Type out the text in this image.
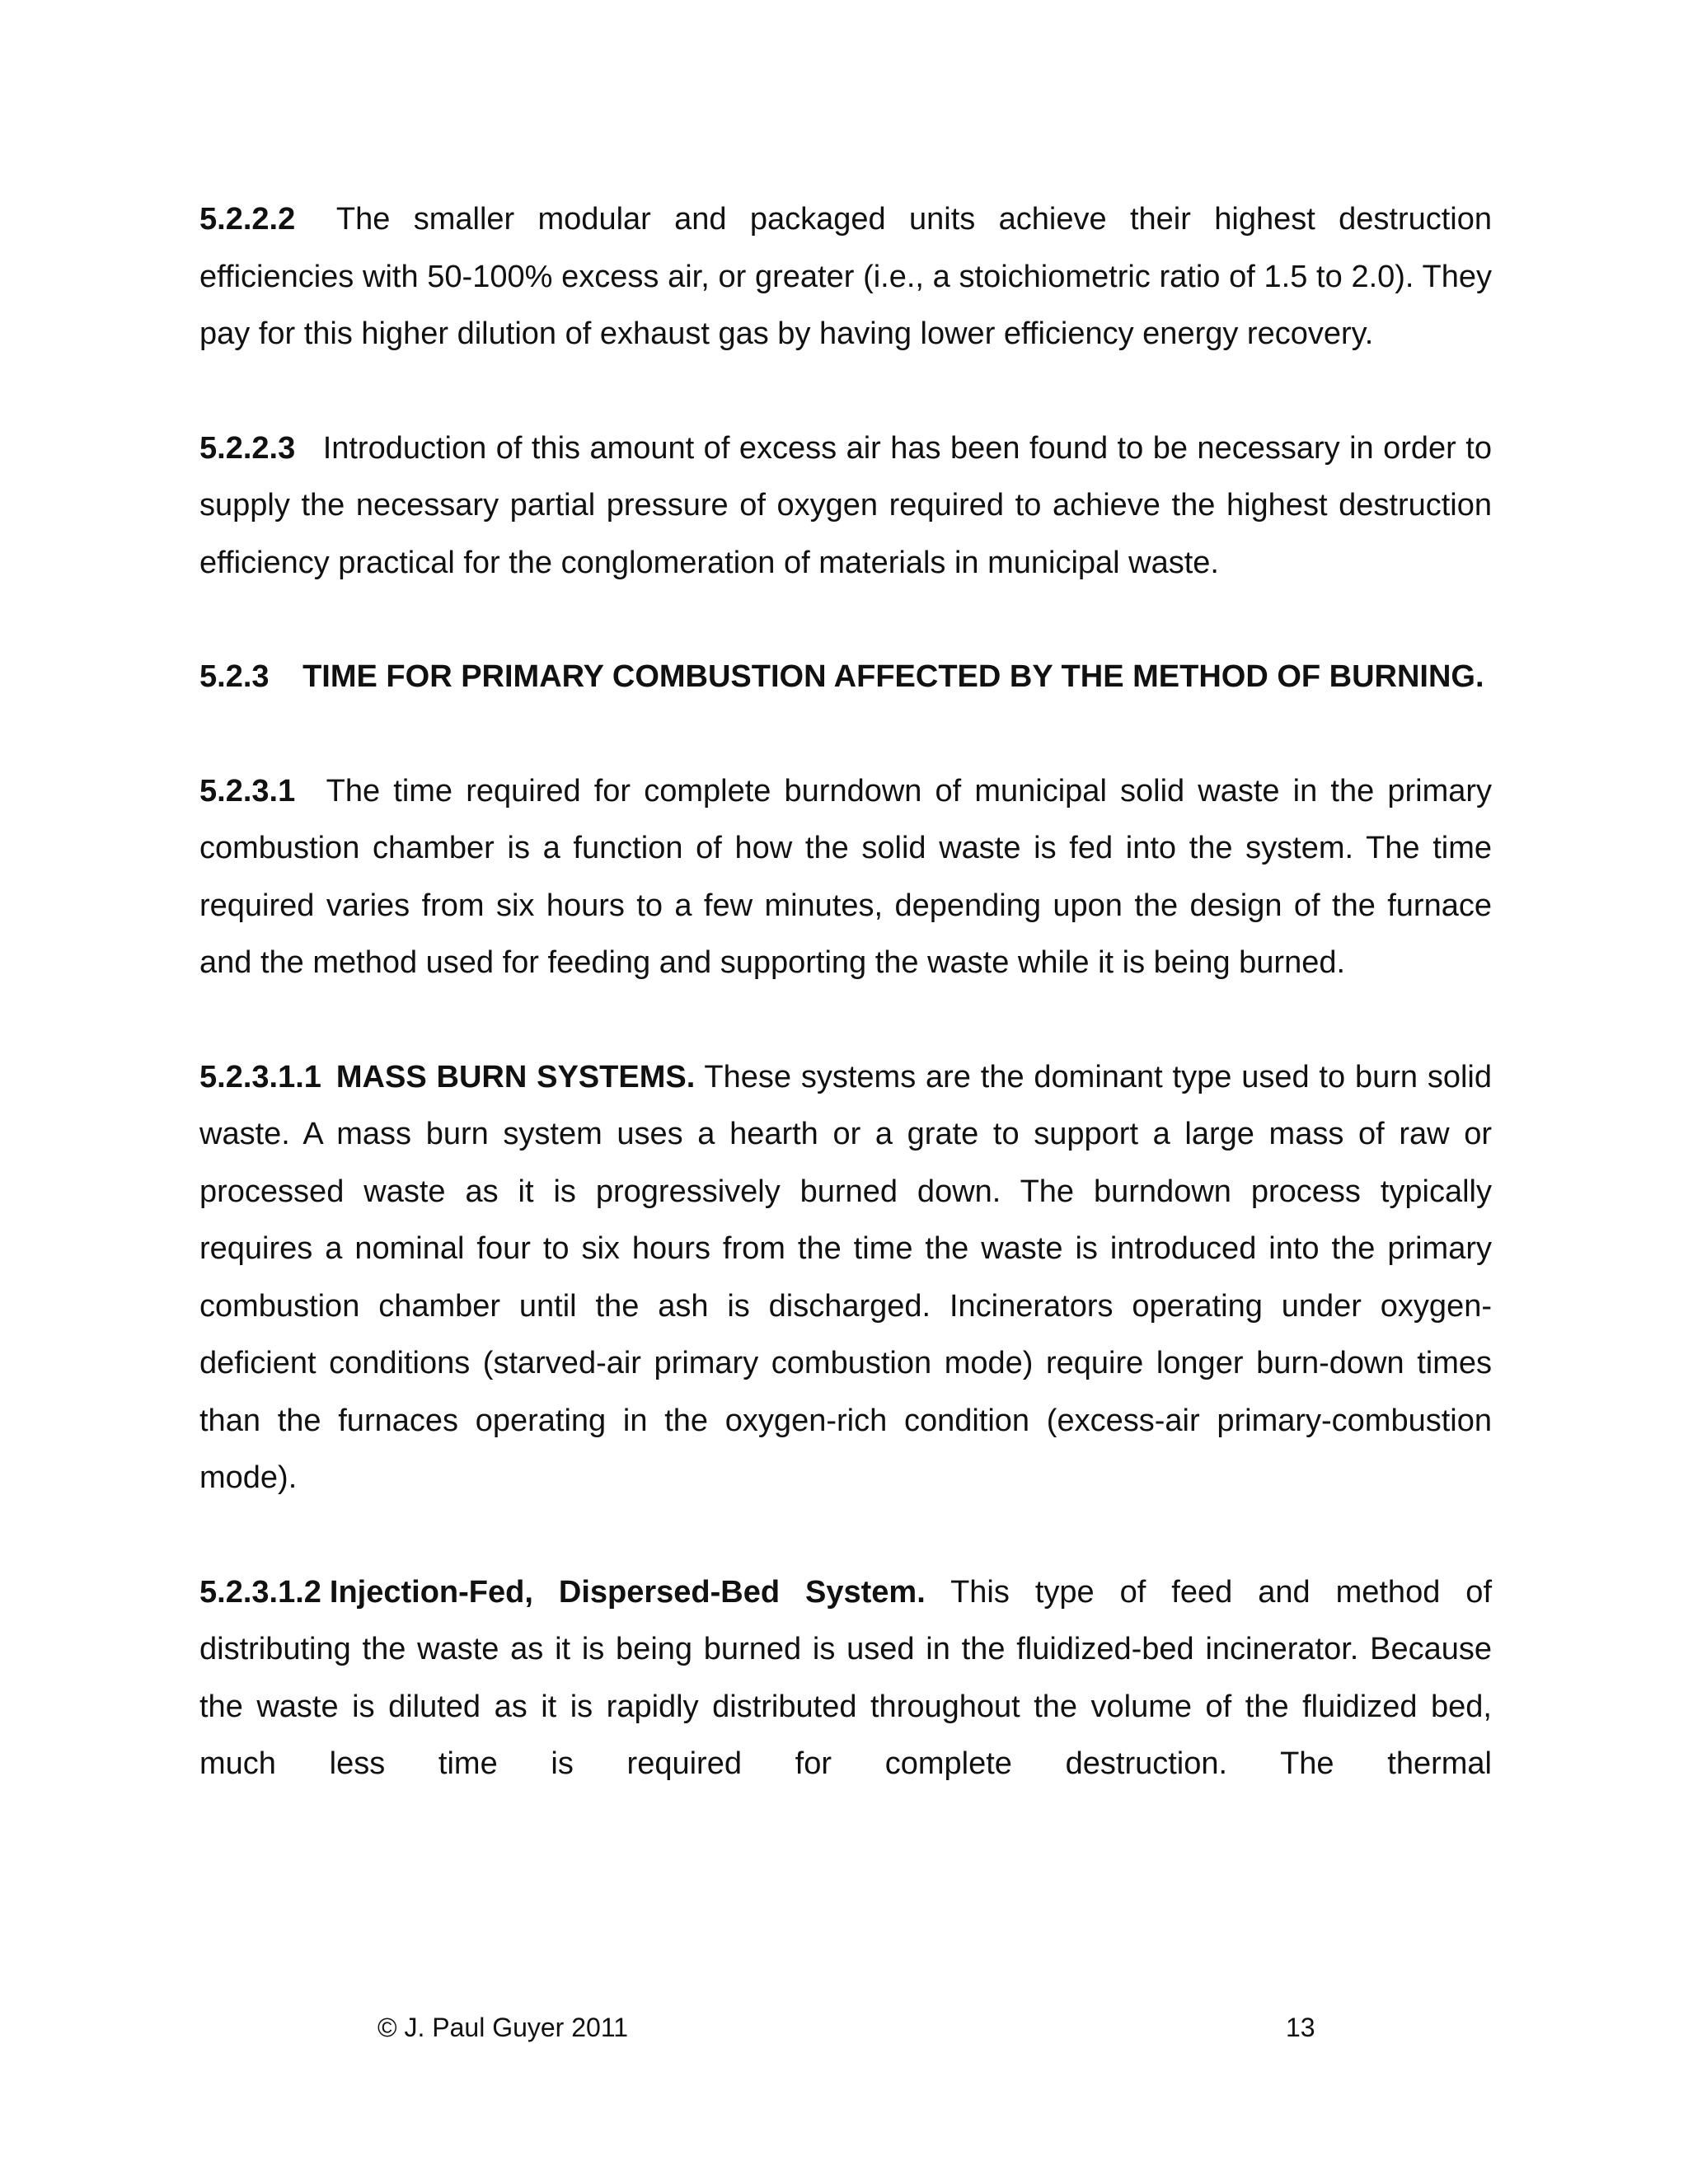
5.2.2.2 The smaller modular and packaged units achieve their highest destruction efficiencies with 50-100% excess air, or greater (i.e., a stoichiometric ratio of 1.5 to 2.0). They pay for this higher dilution of exhaust gas by having lower efficiency energy recovery.

5.2.2.3 Introduction of this amount of excess air has been found to be necessary in order to supply the necessary partial pressure of oxygen required to achieve the highest destruction efficiency practical for the conglomeration of materials in municipal waste.

5.2.3 TIME FOR PRIMARY COMBUSTION AFFECTED BY THE METHOD OF BURNING.

5.2.3.1 The time required for complete burndown of municipal solid waste in the primary combustion chamber is a function of how the solid waste is fed into the system. The time required varies from six hours to a few minutes, depending upon the design of the furnace and the method used for feeding and supporting the waste while it is being burned.

5.2.3.1.1 MASS BURN SYSTEMS. These systems are the dominant type used to burn solid waste. A mass burn system uses a hearth or a grate to support a large mass of raw or processed waste as it is progressively burned down. The burndown process typically requires a nominal four to six hours from the time the waste is introduced into the primary combustion chamber until the ash is discharged. Incinerators operating under oxygen-deficient conditions (starved-air primary combustion mode) require longer burn-down times than the furnaces operating in the oxygen-rich condition (excess-air primary-combustion mode).

5.2.3.1.2 Injection-Fed, Dispersed-Bed System. This type of feed and method of distributing the waste as it is being burned is used in the fluidized-bed incinerator. Because the waste is diluted as it is rapidly distributed throughout the volume of the fluidized bed, much less time is required for complete destruction. The thermal

© J. Paul Guyer 2011	13
